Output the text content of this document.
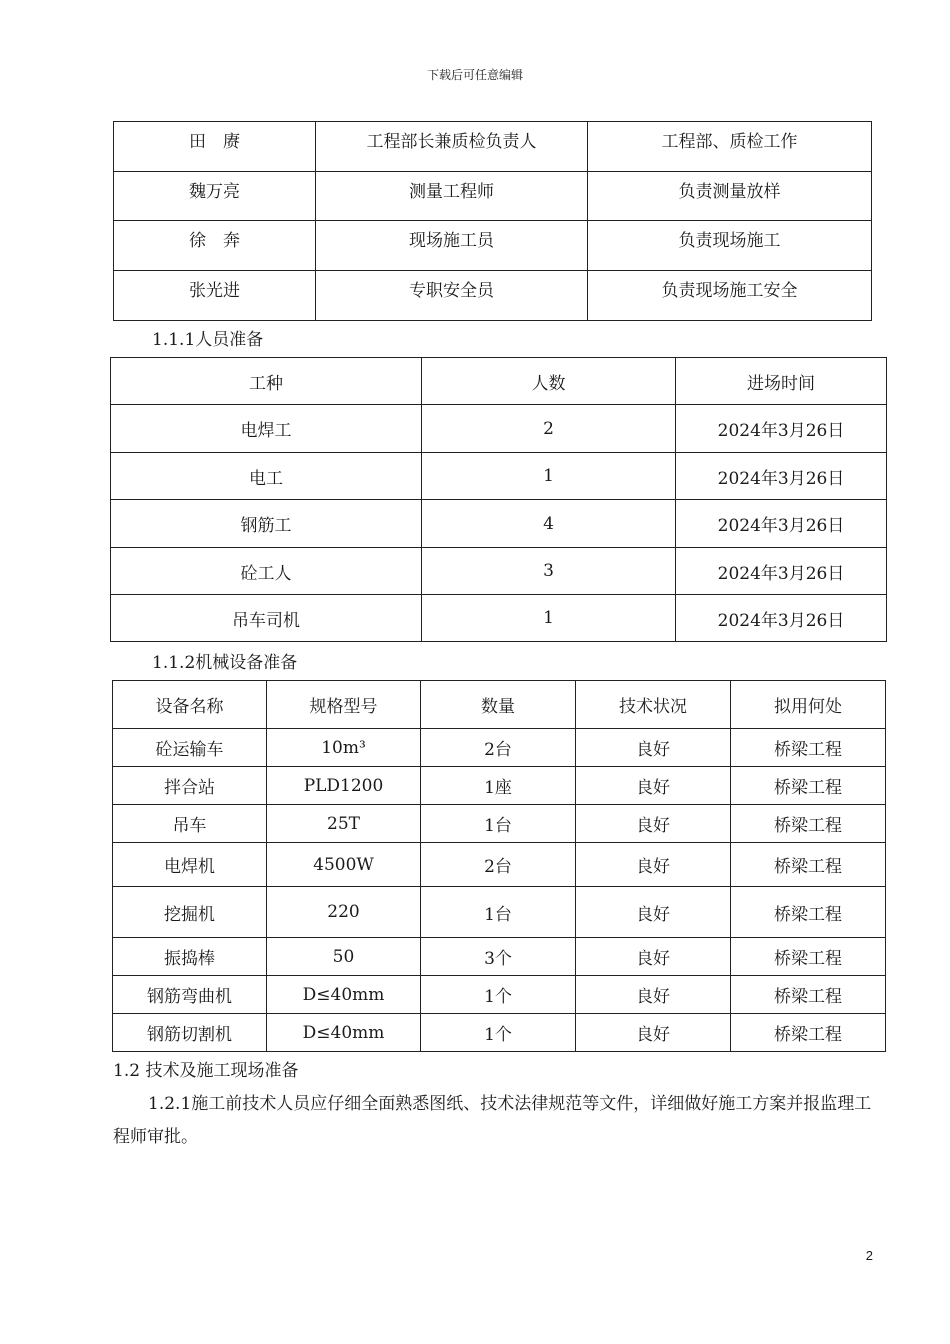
下载后可任意编辑
田　赓	工程部长兼质检负责人	工程部、质检工作
魏万亮	测量工程师	负责测量放样
徐　奔	现场施工员	负责现场施工
张光进	专职安全员	负责现场施工安全
1.1.1人员准备
工种	人数	进场时间
电焊工	2	2024年3月26日
电工	1	2024年3月26日
钢筋工	4	2024年3月26日
砼工人	3	2024年3月26日
吊车司机	1	2024年3月26日
1.1.2机械设备准备
设备名称	规格型号	数量	技术状况	拟用何处
砼运输车	10m³	2台	良好	桥梁工程
拌合站	PLD1200	1座	良好	桥梁工程
吊车	25T	1台	良好	桥梁工程
电焊机	4500W	2台	良好	桥梁工程
挖掘机	220	1台	良好	桥梁工程
振捣棒	50	3个	良好	桥梁工程
钢筋弯曲机	D≤40mm	1个	良好	桥梁工程
钢筋切割机	D≤40mm	1个	良好	桥梁工程
1.2 技术及施工现场准备
1.2.1施工前技术人员应仔细全面熟悉图纸、技术法律规范等文件，详细做好施工方案并报监理工程师审批。
2
